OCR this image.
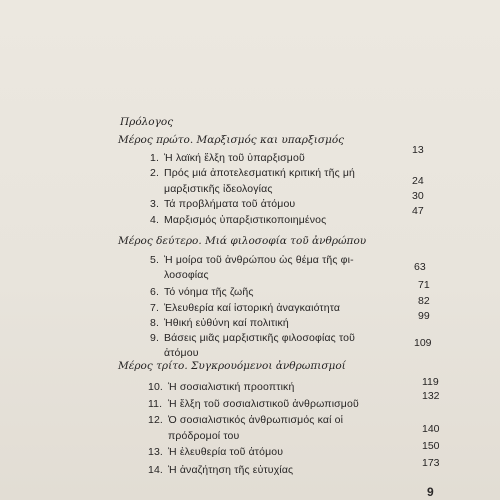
Πρόλογος
Μέρος πρώτο. Μαρξισμός και υπαρξισμός
1. Ἡ λαϊκή ἕλξη τοῦ ὑπαρξισμοῦ
13
2. Πρός μιά ἀποτελεσματική κριτική τῆς μή
μαρξιστικῆς ἰδεολογίας
24
3. Τά προβλήματα τοῦ ἀτόμου
30
4. Μαρξισμός ὑπαρξιστικοποιημένος
47
Μέρος δεύτερο. Μιά φιλοσοφία τοῦ ἀνθρώπου
5. Ἡ μοίρα τοῦ ἀνθρώπου ὡς θέμα τῆς φι-
λοσοφίας
63
6. Τό νόημα τῆς ζωῆς
71
7. Ἐλευθερία καί ἱστορική ἀναγκαιότητα
82
8. Ἠθική εὐθύνη καί πολιτική
99
9. Βάσεις μιᾶς μαρξιστικῆς φιλοσοφίας τοῦ
ἀτόμου
109
Μέρος τρίτο. Συγκρουόμενοι ἀνθρωπισμοί
10. Ἡ σοσιαλιστική προοπτική	119
11. Ἡ ἕλξη τοῦ σοσιαλιστικοῦ ἀνθρωπισμοῦ
132
12. Ὁ σοσιαλιστικός ἀνθρωπισμός καί οἱ
πρόδρομοί του
140
13. Ἡ ἐλευθερία τοῦ ἀτόμου	150
14. Ἡ ἀναζήτηση τῆς εὐτυχίας
173
9
